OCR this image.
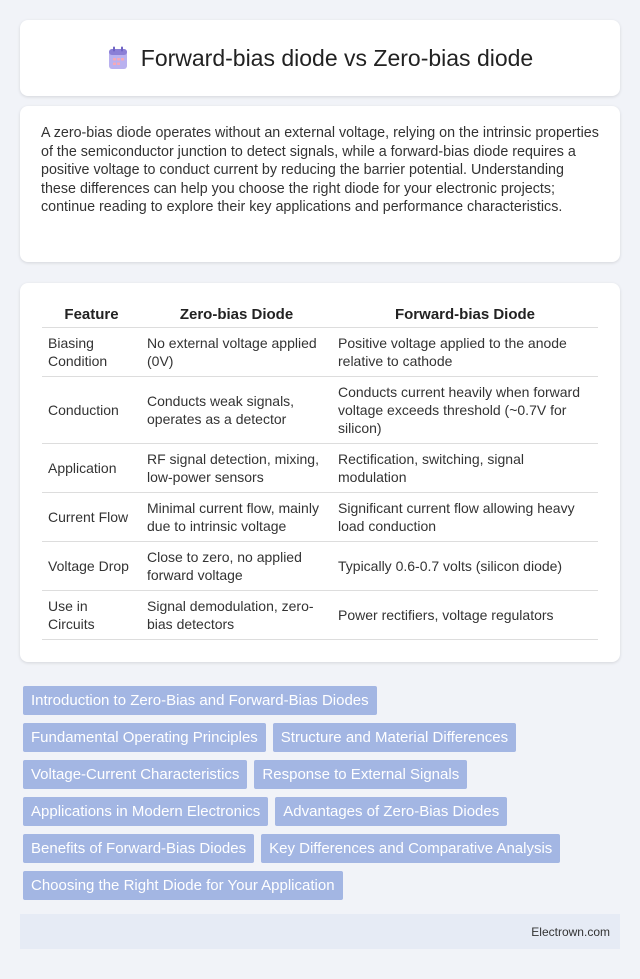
Forward-bias diode vs Zero-bias diode

A zero-bias diode operates without an external voltage, relying on the intrinsic properties of the semiconductor junction to detect signals, while a forward-bias diode requires a positive voltage to conduct current by reducing the barrier potential. Understanding these differences can help you choose the right diode for your electronic projects; continue reading to explore their key applications and performance characteristics.

Feature	Zero-bias Diode	Forward-bias Diode
Biasing Condition	No external voltage applied (0V)	Positive voltage applied to the anode relative to cathode
Conduction	Conducts weak signals, operates as a detector	Conducts current heavily when forward voltage exceeds threshold (~0.7V for silicon)
Application	RF signal detection, mixing, low-power sensors	Rectification, switching, signal modulation
Current Flow	Minimal current flow, mainly due to intrinsic voltage	Significant current flow allowing heavy load conduction
Voltage Drop	Close to zero, no applied forward voltage	Typically 0.6-0.7 volts (silicon diode)
Use in Circuits	Signal demodulation, zero-bias detectors	Power rectifiers, voltage regulators
Introduction to Zero-Bias and Forward-Bias Diodes
Fundamental Operating Principles	Structure and Material Differences
Voltage-Current Characteristics	Response to External Signals
Applications in Modern Electronics	Advantages of Zero-Bias Diodes
Benefits of Forward-Bias Diodes	Key Differences and Comparative Analysis
Choosing the Right Diode for Your Application
Electrown.com
